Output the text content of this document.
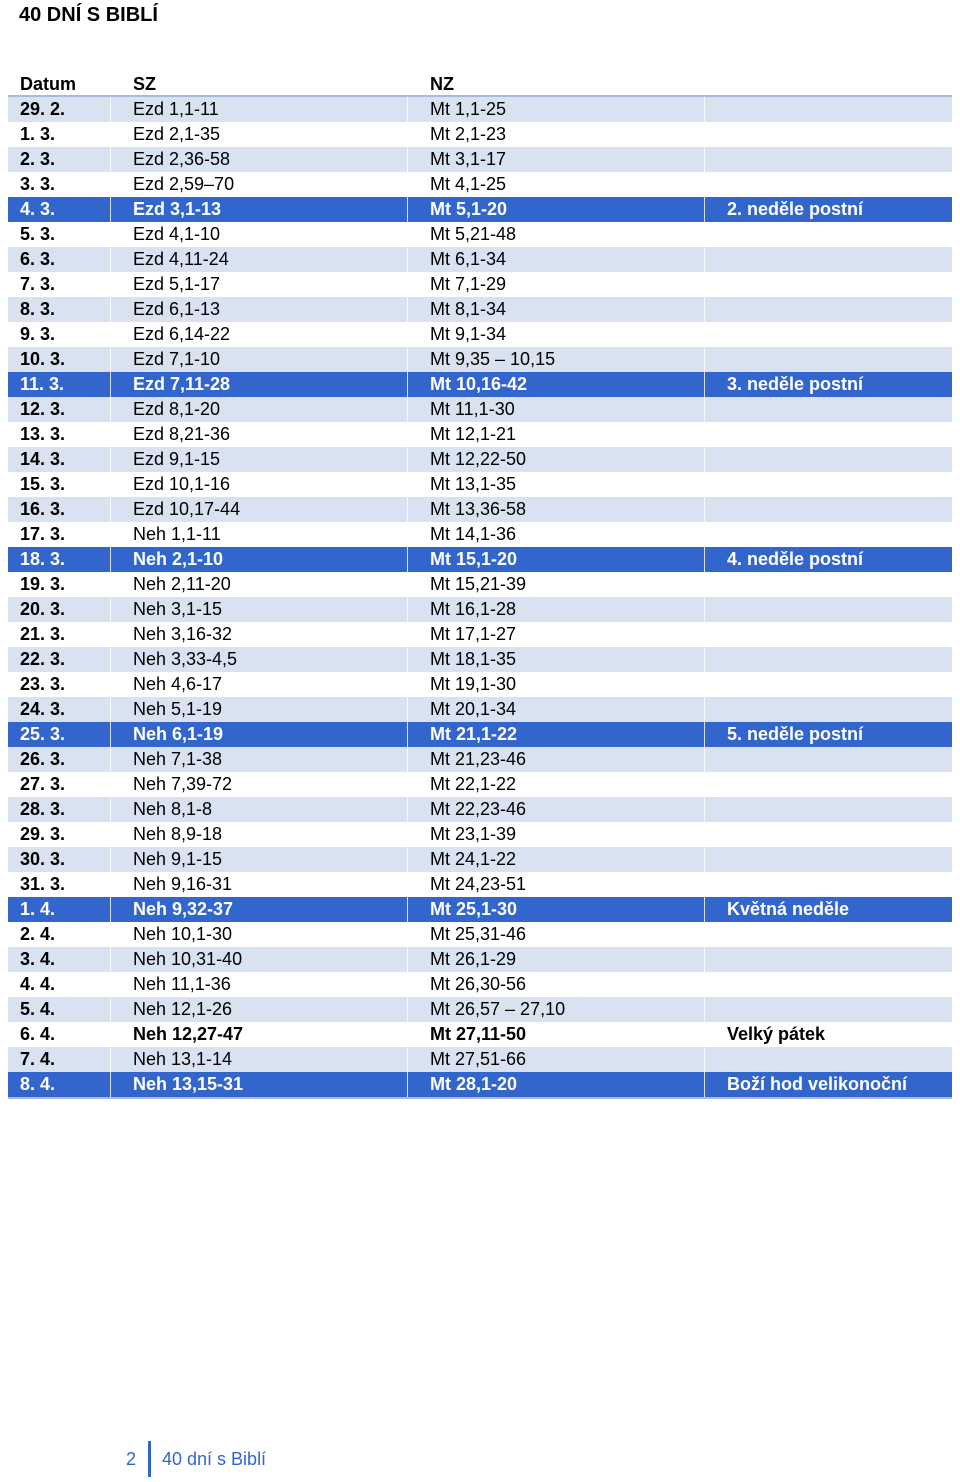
40 DNÍ S BIBLÍ
Datum	SZ	NZ
29. 2.	Ezd 1,1-11	Mt 1,1-25
1. 3.	Ezd 2,1-35	Mt 2,1-23
2. 3.	Ezd 2,36-58	Mt 3,1-17
3. 3.	Ezd 2,59–70	Mt 4,1-25
4. 3.	Ezd 3,1-13	Mt 5,1-20	2. neděle postní
5. 3.	Ezd 4,1-10	Mt 5,21-48
6. 3.	Ezd 4,11-24	Mt 6,1-34
7. 3.	Ezd 5,1-17	Mt 7,1-29
8. 3.	Ezd 6,1-13	Mt 8,1-34
9. 3.	Ezd 6,14-22	Mt 9,1-34
10. 3.	Ezd 7,1-10	Mt 9,35 – 10,15
11. 3.	Ezd 7,11-28	Mt 10,16-42	3. neděle postní
12. 3.	Ezd 8,1-20	Mt 11,1-30
13. 3.	Ezd 8,21-36	Mt 12,1-21
14. 3.	Ezd 9,1-15	Mt 12,22-50
15. 3.	Ezd 10,1-16	Mt 13,1-35
16. 3.	Ezd 10,17-44	Mt 13,36-58
17. 3.	Neh 1,1-11	Mt 14,1-36
18. 3.	Neh 2,1-10	Mt 15,1-20	4. neděle postní
19. 3.	Neh 2,11-20	Mt 15,21-39
20. 3.	Neh 3,1-15	Mt 16,1-28
21. 3.	Neh 3,16-32	Mt 17,1-27
22. 3.	Neh 3,33-4,5	Mt 18,1-35
23. 3.	Neh 4,6-17	Mt 19,1-30
24. 3.	Neh 5,1-19	Mt 20,1-34
25. 3.	Neh 6,1-19	Mt 21,1-22	5. neděle postní
26. 3.	Neh 7,1-38	Mt 21,23-46
27. 3.	Neh 7,39-72	Mt 22,1-22
28. 3.	Neh 8,1-8	Mt 22,23-46
29. 3.	Neh 8,9-18	Mt 23,1-39
30. 3.	Neh 9,1-15	Mt 24,1-22
31. 3.	Neh 9,16-31	Mt 24,23-51
1. 4.	Neh 9,32-37	Mt 25,1-30	Květná neděle
2. 4.	Neh 10,1-30	Mt 25,31-46
3. 4.	Neh 10,31-40	Mt 26,1-29
4. 4.	Neh 11,1-36	Mt 26,30-56
5. 4.	Neh 12,1-26	Mt 26,57 – 27,10
6. 4.	Neh 12,27-47	Mt 27,11-50	Velký pátek
7. 4.	Neh 13,1-14	Mt 27,51-66
8. 4.	Neh 13,15-31	Mt 28,1-20	Boží hod velikonoční
2 40 dní s Biblí
